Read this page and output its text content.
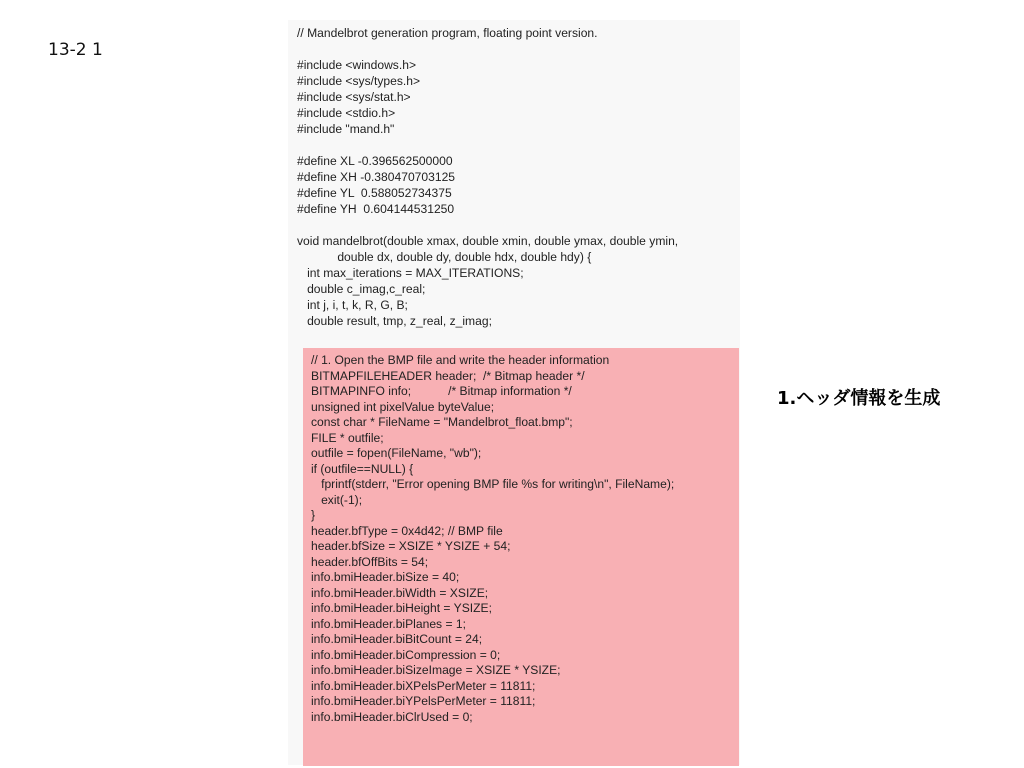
13-2 1
// Mandelbrot generation program, floating point version.
#include <windows.h>
#include <sys/types.h>
#include <sys/stat.h>
#include <stdio.h>
#include "mand.h"
#define XL -0.396562500000
#define XH -0.380470703125
#define YL  0.588052734375
#define YH  0.604144531250
void mandelbrot(double xmax, double xmin, double ymax, double ymin,
double dx, double dy, double hdx, double hdy) {
int max_iterations = MAX_ITERATIONS;
double c_imag,c_real;
int j, i, t, k, R, G, B;
double result, tmp, z_real, z_imag;
// 1. Open the BMP file and write the header information
BITMAPFILEHEADER header;  /* Bitmap header */
BITMAPINFO info;           /* Bitmap information */
unsigned int pixelValue byteValue;
const char * FileName = "Mandelbrot_float.bmp";
FILE * outfile;
outfile = fopen(FileName, "wb");
if (outfile==NULL) {
fprintf(stderr, "Error opening BMP file %s for writing\n", FileName);
exit(-1);
}
header.bfType = 0x4d42; // BMP file
header.bfSize = XSIZE * YSIZE + 54;
header.bfOffBits = 54;
info.bmiHeader.biSize = 40;
info.bmiHeader.biWidth = XSIZE;
info.bmiHeader.biHeight = YSIZE;
info.bmiHeader.biPlanes = 1;
info.bmiHeader.biBitCount = 24;
info.bmiHeader.biCompression = 0;
info.bmiHeader.biSizeImage = XSIZE * YSIZE;
info.bmiHeader.biXPelsPerMeter = 11811;
info.bmiHeader.biYPelsPerMeter = 11811;
info.bmiHeader.biClrUsed = 0;
1.ヘッダ情報を生成
